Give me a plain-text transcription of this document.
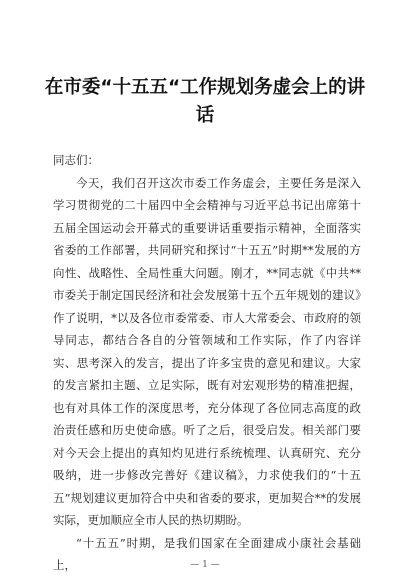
在市委“十五五“工作规划务虚会上的讲话

同志们：

今天，我们召开这次市委工作务虚会，主要任务是深入学习贯彻党的二十届四中全会精神与习近平总书记出席第十五届全国运动会开幕式的重要讲话重要指示精神，全面落实省委的工作部署，共同研究和探讨“十五五”时期**发展的方向性、战略性、全局性重大问题。刚才，**同志就《中共**市委关于制定国民经济和社会发展第十五个五年规划的建议》作了说明，*以及各位市委常委、市人大常委会、市政府的领导同志，都结合各自的分管领域和工作实际，作了内容详实、思考深入的发言，提出了许多宝贵的意见和建议。大家的发言紧扣主题、立足实际，既有对宏观形势的精准把握，也有对具体工作的深度思考，充分体现了各位同志高度的政治责任感和历史使命感。听了之后，很受启发。相关部门要对今天会上提出的真知灼见进行系统梳理、认真研究、充分吸纳，进一步修改完善好《建议稿》，力求使我们的“十五五”规划建议更加符合中央和省委的要求，更加契合**的发展实际，更加顺应全市人民的热切期盼。

“十五五”时期，是我们国家在全面建成小康社会基础上，	— 1 —
